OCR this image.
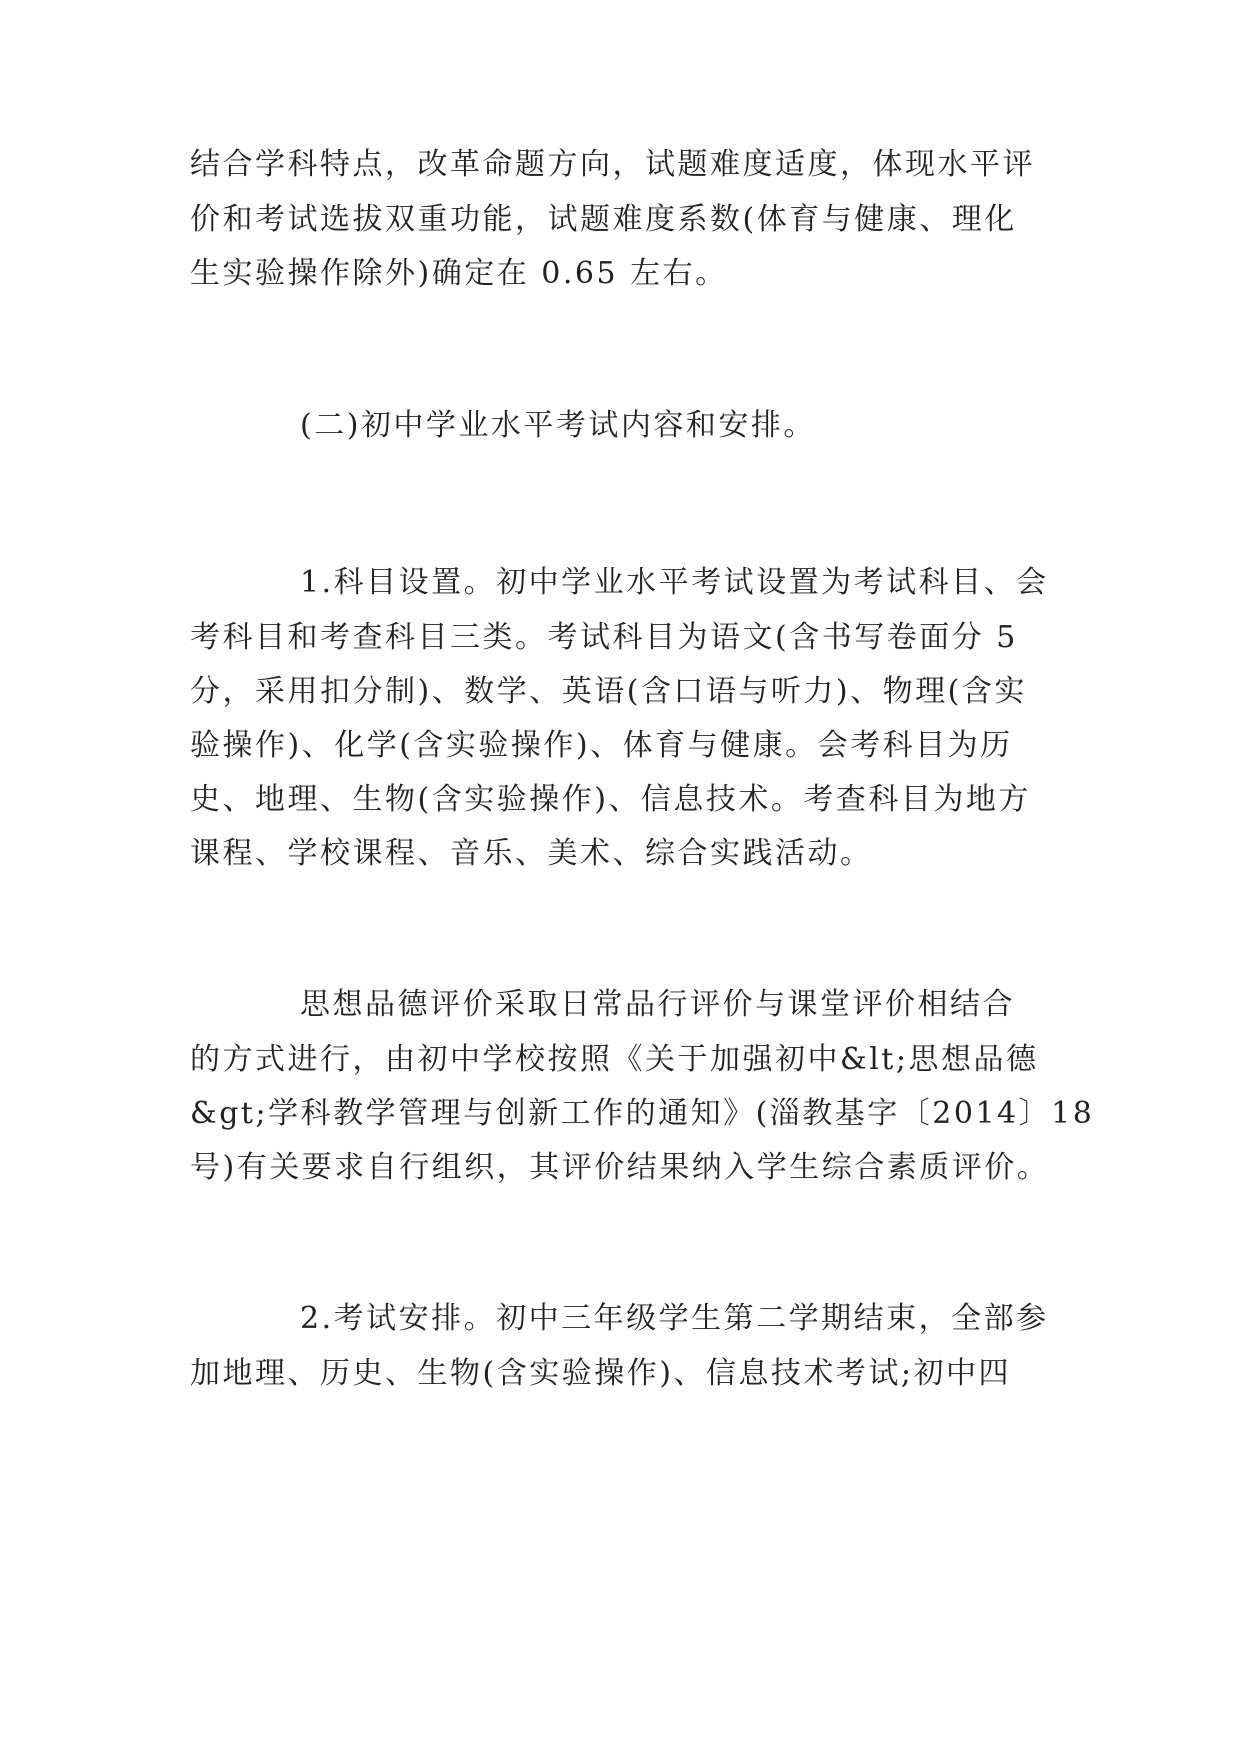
结合学科特点，改革命题方向，试题难度适度，体现水平评
价和考试选拔双重功能，试题难度系数(体育与健康、理化
生实验操作除外)确定在 0.65 左右。
(二)初中学业水平考试内容和安排。
1.科目设置。初中学业水平考试设置为考试科目、会
考科目和考查科目三类。考试科目为语文(含书写卷面分 5
分，采用扣分制)、数学、英语(含口语与听力)、物理(含实
验操作)、化学(含实验操作)、体育与健康。会考科目为历
史、地理、生物(含实验操作)、信息技术。考查科目为地方
课程、学校课程、音乐、美术、综合实践活动。
思想品德评价采取日常品行评价与课堂评价相结合
的方式进行，由初中学校按照《关于加强初中&lt;思想品德
&gt;学科教学管理与创新工作的通知》(淄教基字〔2014〕18
号)有关要求自行组织，其评价结果纳入学生综合素质评价。
2.考试安排。初中三年级学生第二学期结束，全部参
加地理、历史、生物(含实验操作)、信息技术考试;初中四
